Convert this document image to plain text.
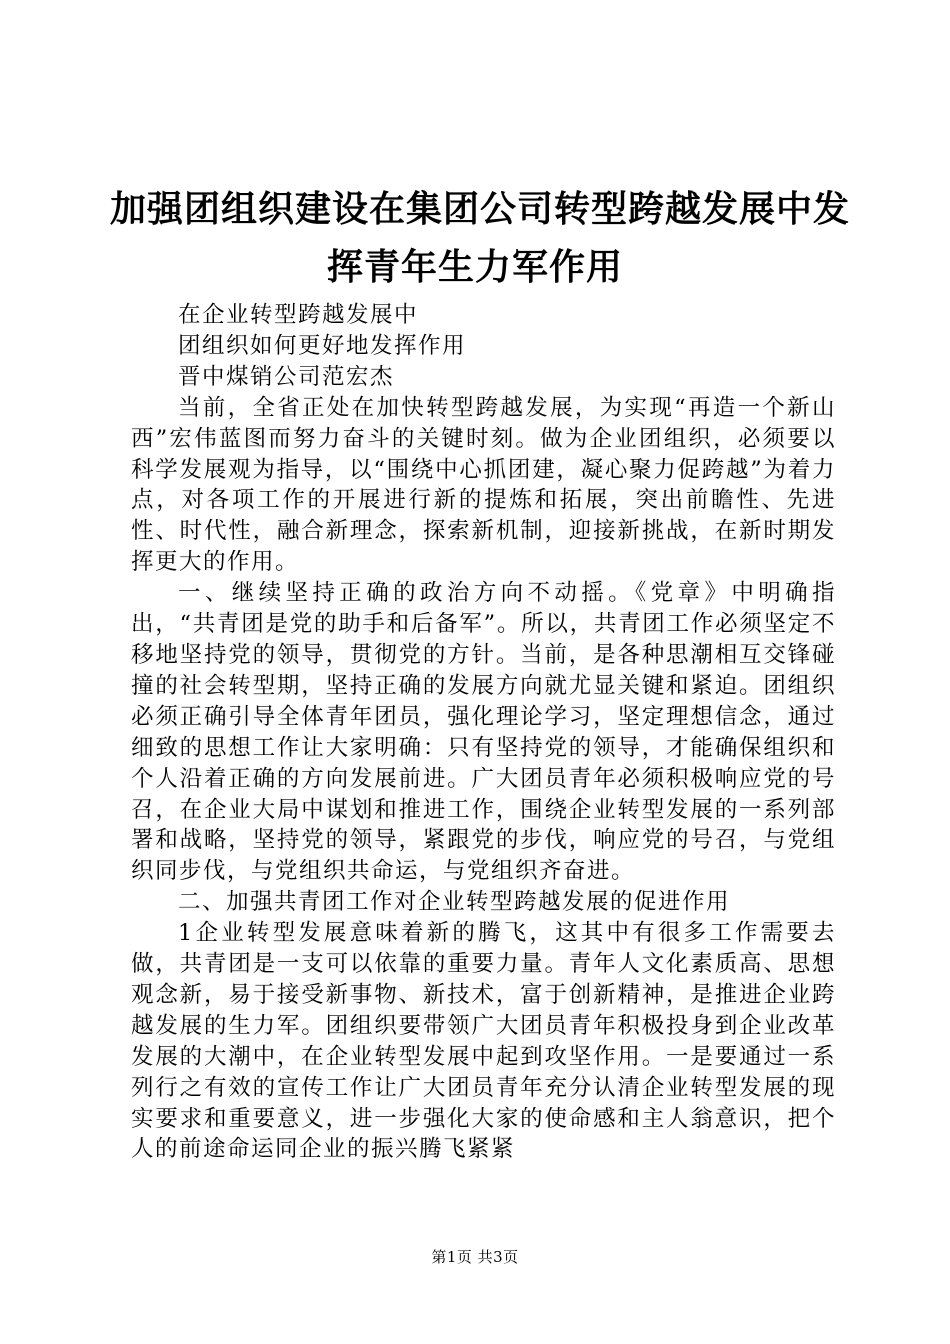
加强团组织建设在集团公司转型跨越发展中发
挥青年生力军作用

在企业转型跨越发展中

团组织如何更好地发挥作用

晋中煤销公司范宏杰

当前，全省正处在加快转型跨越发展，为实现“再造一个新山西”宏伟蓝图而努力奋斗的关键时刻。做为企业团组织，必须要以科学发展观为指导，以“围绕中心抓团建，凝心聚力促跨越”为着力点，对各项工作的开展进行新的提炼和拓展，突出前瞻性、先进性、时代性，融合新理念，探索新机制，迎接新挑战，在新时期发挥更大的作用。

一、继续坚持正确的政治方向不动摇。《党章》中明确指出，“共青团是党的助手和后备军”。所以，共青团工作必须坚定不移地坚持党的领导，贯彻党的方针。当前，是各种思潮相互交锋碰撞的社会转型期，坚持正确的发展方向就尤显关键和紧迫。团组织必须正确引导全体青年团员，强化理论学习，坚定理想信念，通过细致的思想工作让大家明确：只有坚持党的领导，才能确保组织和个人沿着正确的方向发展前进。广大团员青年必须积极响应党的号召，在企业大局中谋划和推进工作，围绕企业转型发展的一系列部署和战略，坚持党的领导，紧跟党的步伐，响应党的号召，与党组织同步伐，与党组织共命运，与党组织齐奋进。

二、加强共青团工作对企业转型跨越发展的促进作用

1企业转型发展意味着新的腾飞，这其中有很多工作需要去做，共青团是一支可以依靠的重要力量。青年人文化素质高、思想观念新，易于接受新事物、新技术，富于创新精神，是推进企业跨越发展的生力军。团组织要带领广大团员青年积极投身到企业改革发展的大潮中，在企业转型发展中起到攻坚作用。一是要通过一系列行之有效的宣传工作让广大团员青年充分认清企业转型发展的现实要求和重要意义，进一步强化大家的使命感和主人翁意识，把个人的前途命运同企业的振兴腾飞紧紧

第1页 共3页
